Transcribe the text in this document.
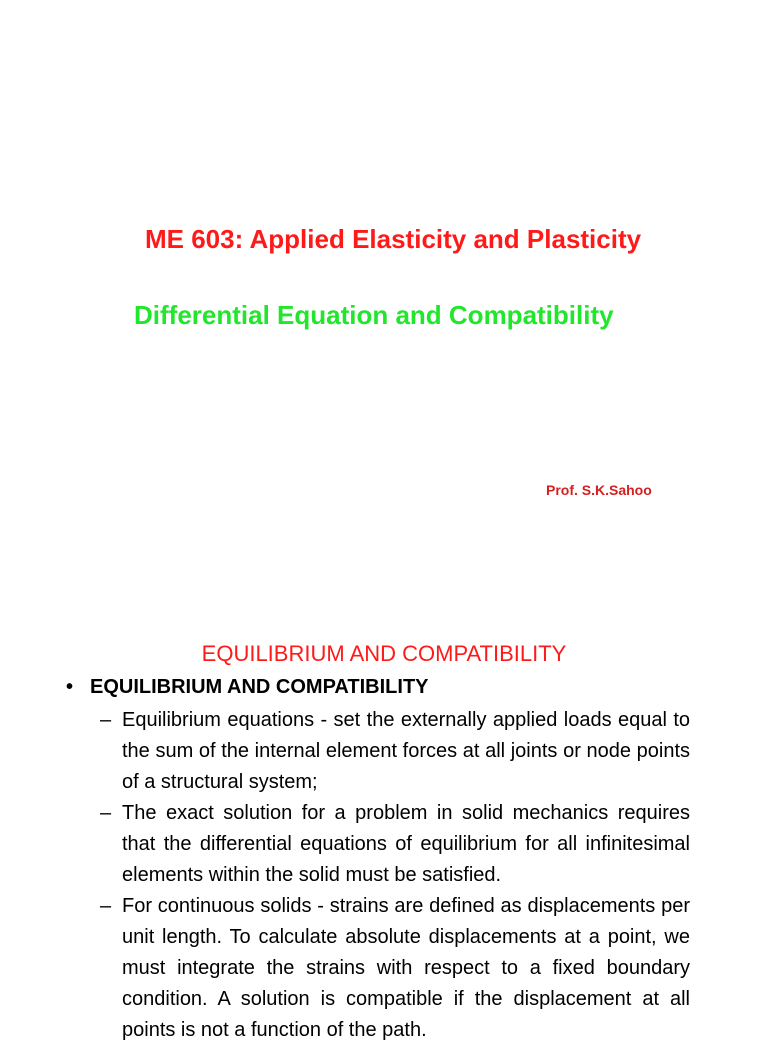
ME 603: Applied Elasticity and Plasticity
Differential Equation and Compatibility
Prof. S.K.Sahoo
EQUILIBRIUM AND COMPATIBILITY
• EQUILIBRIUM AND COMPATIBILITY
– Equilibrium equations - set the externally applied loads equal to the sum of the internal element forces at all joints or node points of a structural system;
– The exact solution for a problem in solid mechanics requires that the differential equations of equilibrium for all infinitesimal elements within the solid must be satisfied.
– For continuous solids - strains are defined as displacements per unit length. To calculate absolute displacements at a point, we must integrate the strains with respect to a fixed boundary condition. A solution is compatible if the displacement at all points is not a function of the path.
